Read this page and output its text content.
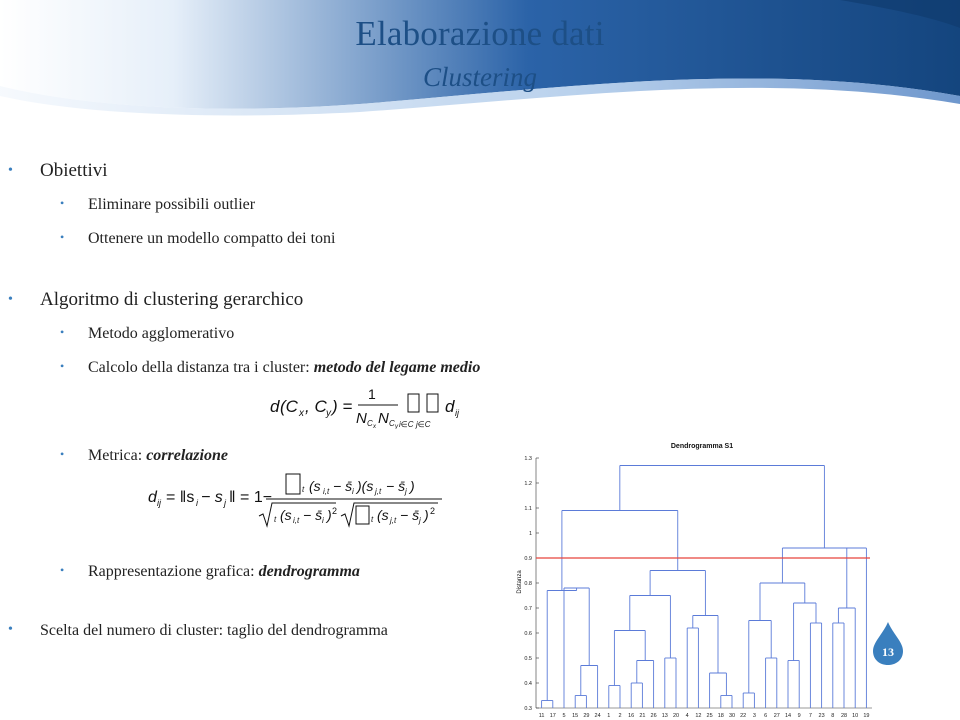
Elaborazione dati
Clustering
• Obiettivi
• Eliminare possibili outlier
• Ottenere un modello compatto dei toni
• Algoritmo di clustering gerarchico
• Metodo agglomerativo
• Calcolo della distanza tra i cluster: metodo del legame medio
d (C x , C y ) =
1
N C x N C y i∈C j∈C
d ij
• Metrica: correlazione
d ij = ‖s i − s j ‖ = 1−	t (s i,t − s̄ i )(s j,t − s̄ j )
t (s i,t − s̄ i ) 2
t (s j,t − s̄ j ) 2
• Rappresentazione grafica: dendrogramma
• Scelta del numero di cluster: taglio del dendrogramma
Dendrogramma S1
Distanza
0.3
0.4
0.5
0.6
0.7
0.8
0.9
1
1.1
1.2
1.3
11 17 5 15 29 24 1 2 16 21 26 13 20 4 12 25 18 30 22 3 6 27 14 9 7 23 8 28 10 19
13
